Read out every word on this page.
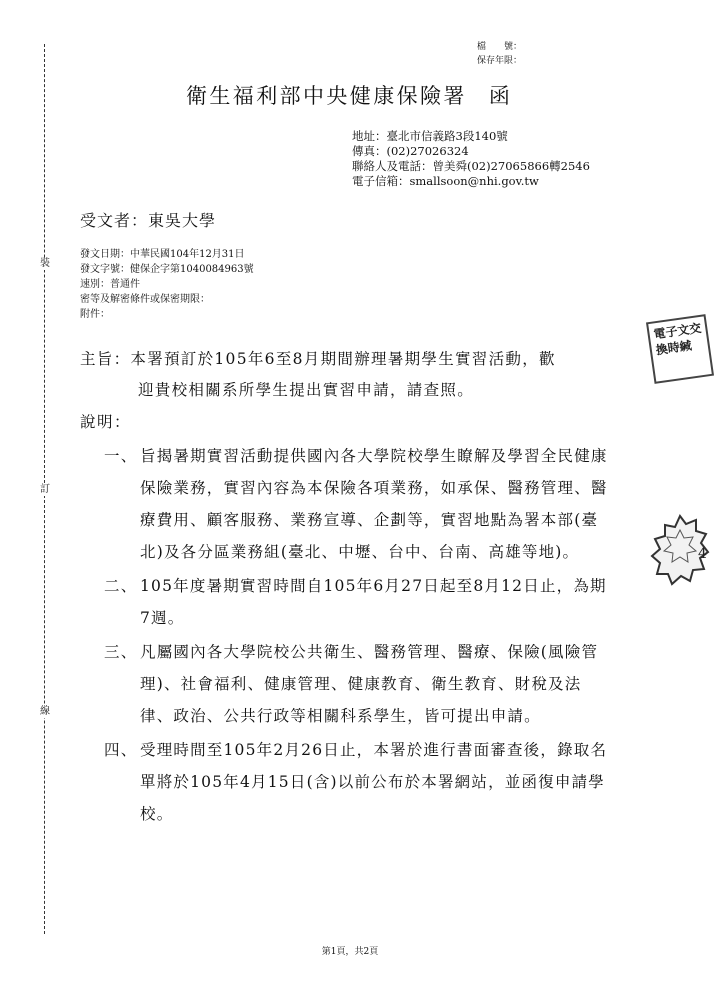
裝
訂
線
檔　　號：
保存年限：
衛生福利部中央健康保險署 函
地址：臺北市信義路3段140號
傳真：(02)27026324
聯絡人及電話：曾美舜(02)27065866轉2546
電子信箱：smallsoon@nhi.gov.tw
受文者：東吳大學
發文日期：中華民國104年12月31日
發文字號：健保企字第1040084963號
速別：普通件
密等及解密條件或保密期限：
附件：
主旨：本署預訂於105年6至8月期間辦理暑期學生實習活動，歡
迎貴校相關系所學生提出實習申請，請查照。
說明：
一、 旨揭暑期實習活動提供國內各大學院校學生瞭解及學習全民健康保險業務，實習內容為本保險各項業務，如承保、醫務管理、醫療費用、顧客服務、業務宣導、企劃等，實習地點為署本部(臺北)及各分區業務組(臺北、中壢、台中、台南、高雄等地)。
二、 105年度暑期實習時間自105年6月27日起至8月12日止，為期7週。
三、 凡屬國內各大學院校公共衛生、醫務管理、醫療、保險(風險管理)、社會福利、健康管理、健康教育、衛生教育、財稅及法律、政治、公共行政等相關科系學生，皆可提出申請。
四、 受理時間至105年2月26日止，本署於進行書面審查後，錄取名單將於105年4月15日(含)以前公布於本署網站，並函復申請學校。
電子文交換時緘
4
第1頁，共2頁
